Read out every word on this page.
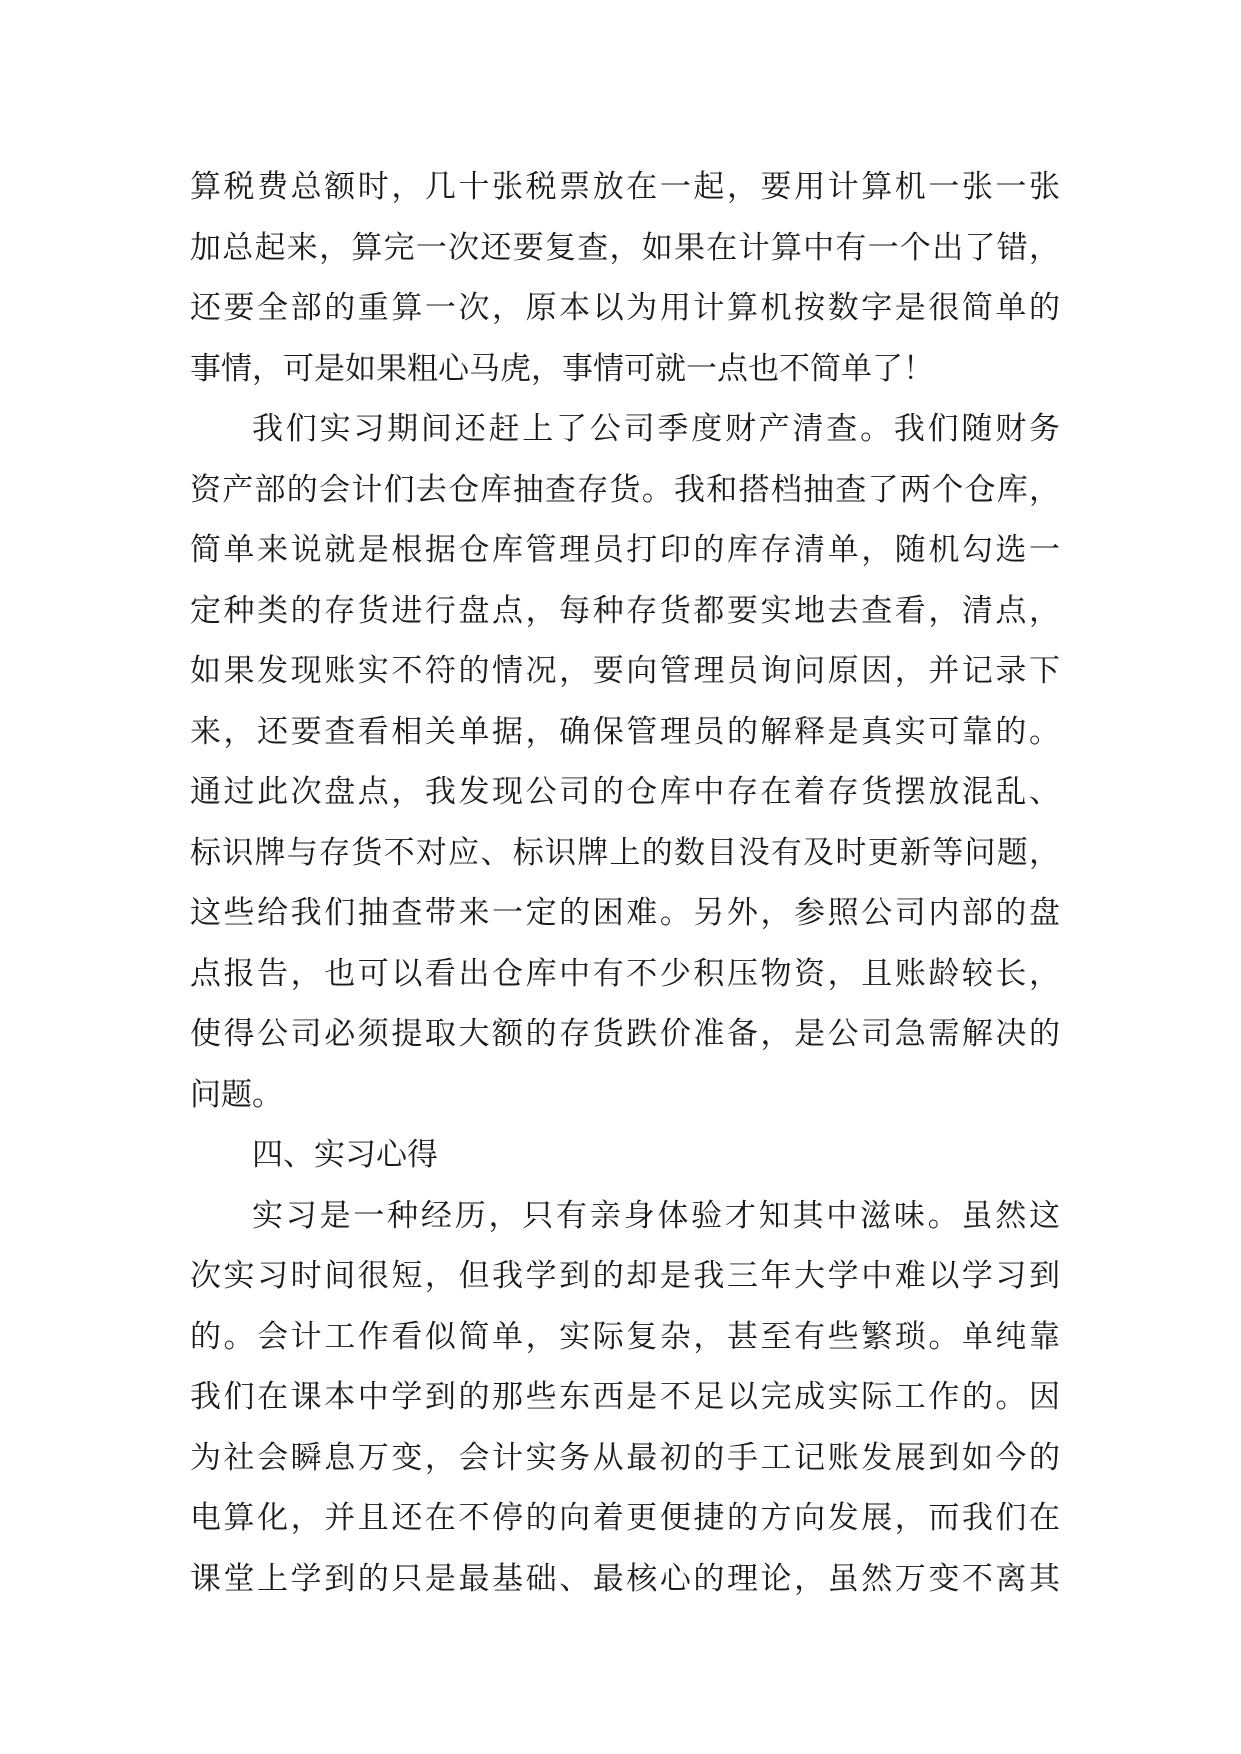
算税费总额时，几十张税票放在一起，要用计算机一张一张
加总起来，算完一次还要复查，如果在计算中有一个出了错，
还要全部的重算一次，原本以为用计算机按数字是很简单的
事情，可是如果粗心马虎，事情可就一点也不简单了！
我们实习期间还赶上了公司季度财产清查。我们随财务
资产部的会计们去仓库抽查存货。我和搭档抽查了两个仓库，
简单来说就是根据仓库管理员打印的库存清单，随机勾选一
定种类的存货进行盘点，每种存货都要实地去查看，清点，
如果发现账实不符的情况，要向管理员询问原因，并记录下
来，还要查看相关单据，确保管理员的解释是真实可靠的。
通过此次盘点，我发现公司的仓库中存在着存货摆放混乱、
标识牌与存货不对应、标识牌上的数目没有及时更新等问题，
这些给我们抽查带来一定的困难。另外，参照公司内部的盘
点报告，也可以看出仓库中有不少积压物资，且账龄较长，
使得公司必须提取大额的存货跌价准备，是公司急需解决的
问题。
四、实习心得
实习是一种经历，只有亲身体验才知其中滋味。虽然这
次实习时间很短，但我学到的却是我三年大学中难以学习到
的。会计工作看似简单，实际复杂，甚至有些繁琐。单纯靠
我们在课本中学到的那些东西是不足以完成实际工作的。因
为社会瞬息万变，会计实务从最初的手工记账发展到如今的
电算化，并且还在不停的向着更便捷的方向发展，而我们在
课堂上学到的只是最基础、最核心的理论，虽然万变不离其
